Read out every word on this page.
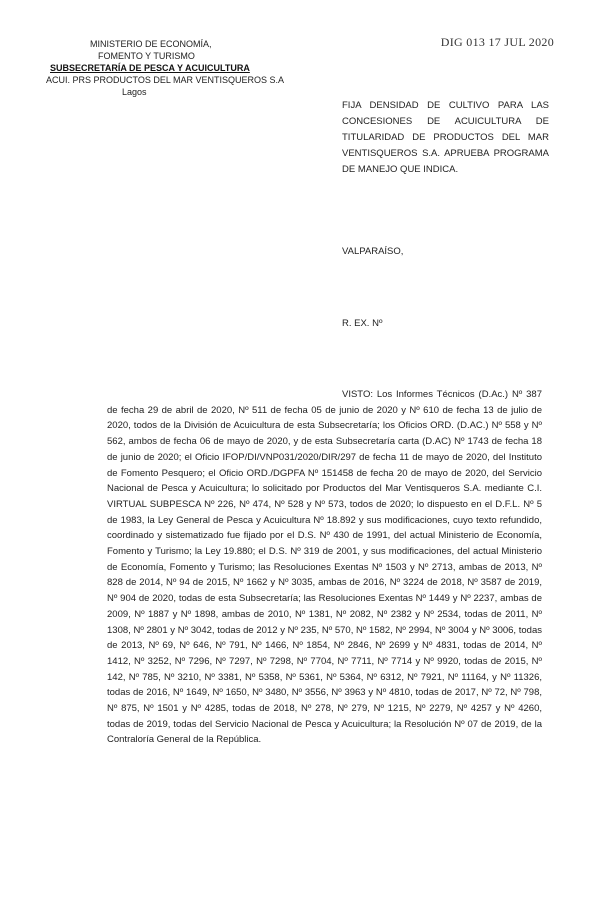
MINISTERIO DE ECONOMÍA,
FOMENTO Y TURISMO
SUBSECRETARÍA DE PESCA Y ACUICULTURA
ACUI. PRS PRODUCTOS DEL MAR VENTISQUEROS S.A
Lagos
DIG 013 17 JUL 2020
FIJA DENSIDAD DE CULTIVO PARA LAS CONCESIONES DE ACUICULTURA DE TITULARIDAD DE PRODUCTOS DEL MAR VENTISQUEROS S.A. APRUEBA PROGRAMA DE MANEJO QUE INDICA.
VALPARAÍSO,
R. EX. Nº
VISTO: Los Informes Técnicos (D.Ac.) Nº 387 de fecha 29 de abril de 2020, Nº 511 de fecha 05 de junio de 2020 y Nº 610 de fecha 13 de julio de 2020, todos de la División de Acuicultura de esta Subsecretaría; los Oficios ORD. (D.AC.) Nº 558 y Nº 562, ambos de fecha 06 de mayo de 2020, y de esta Subsecretaría carta (D.AC) Nº 1743 de fecha 18 de junio de 2020; el Oficio IFOP/DI/VNP031/2020/DIR/297 de fecha 11 de mayo de 2020, del Instituto de Fomento Pesquero; el Oficio ORD./DGPFA Nº 151458 de fecha 20 de mayo de 2020, del Servicio Nacional de Pesca y Acuicultura; lo solicitado por Productos del Mar Ventisqueros S.A. mediante C.I. VIRTUAL SUBPESCA Nº 226, Nº 474, Nº 528 y Nº 573, todos de 2020; lo dispuesto en el D.F.L. Nº 5 de 1983, la Ley General de Pesca y Acuicultura Nº 18.892 y sus modificaciones, cuyo texto refundido, coordinado y sistematizado fue fijado por el D.S. Nº 430 de 1991, del actual Ministerio de Economía, Fomento y Turismo; la Ley 19.880; el D.S. Nº 319 de 2001, y sus modificaciones, del actual Ministerio de Economía, Fomento y Turismo; las Resoluciones Exentas Nº 1503 y Nº 2713, ambas de 2013, Nº 828 de 2014, Nº 94 de 2015, Nº 1662 y Nº 3035, ambas de 2016, Nº 3224 de 2018, Nº 3587 de 2019, Nº 904 de 2020, todas de esta Subsecretaría; las Resoluciones Exentas Nº 1449 y Nº 2237, ambas de 2009, Nº 1887 y Nº 1898, ambas de 2010, Nº 1381, Nº 2082, Nº 2382 y Nº 2534, todas de 2011, Nº 1308, Nº 2801 y Nº 3042, todas de 2012 y Nº 235, Nº 570, Nº 1582, Nº 2994, Nº 3004 y Nº 3006, todas de 2013, Nº 69, Nº 646, Nº 791, Nº 1466, Nº 1854, Nº 2846, Nº 2699 y Nº 4831, todas de 2014, Nº 1412, Nº 3252, Nº 7296, Nº 7297, Nº 7298, Nº 7704, Nº 7711, Nº 7714 y Nº 9920, todas de 2015, Nº 142, Nº 785, Nº 3210, Nº 3381, Nº 5358, Nº 5361, Nº 5364, Nº 6312, Nº 7921, Nº 11164, y Nº 11326, todas de 2016, Nº 1649, Nº 1650, Nº 3480, Nº 3556, Nº 3963 y Nº 4810, todas de 2017, Nº 72, Nº 798, Nº 875, Nº 1501 y Nº 4285, todas de 2018, Nº 278, Nº 279, Nº 1215, Nº 2279, Nº 4257 y Nº 4260, todas de 2019, todas del Servicio Nacional de Pesca y Acuicultura; la Resolución Nº 07 de 2019, de la Contraloría General de la República.
